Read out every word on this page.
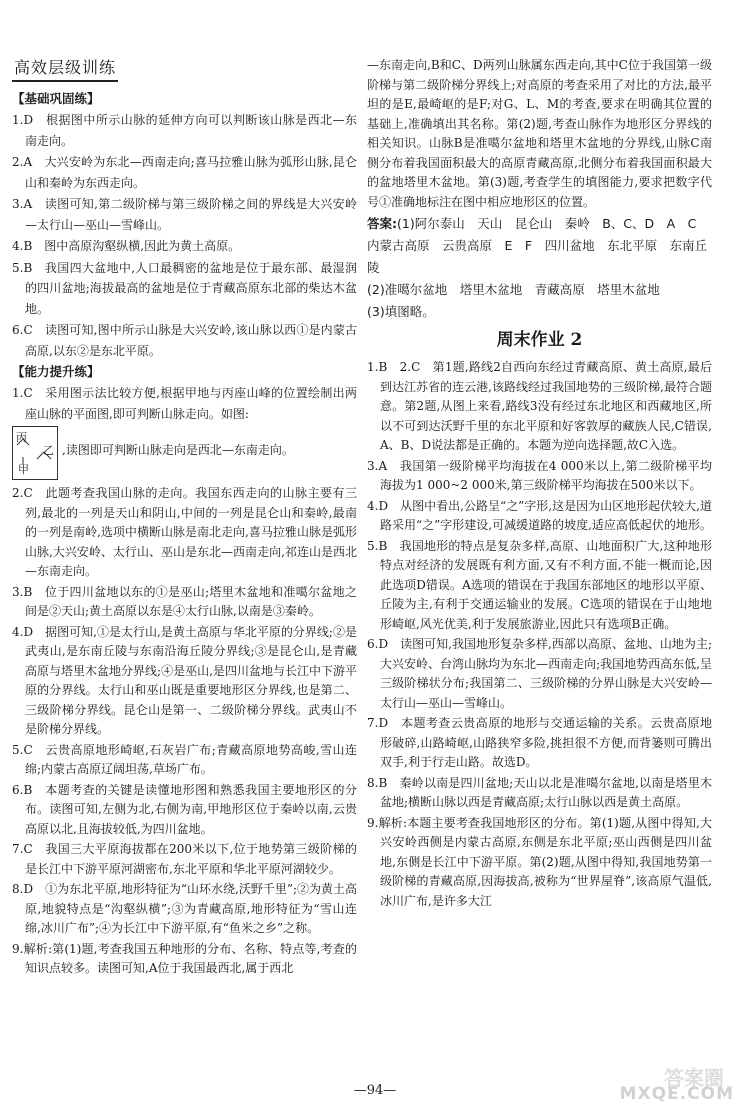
高效层级训练
【基础巩固练】
1.D　根据图中所示山脉的延伸方向可以判断该山脉是西北—东南走向。
2.A　大兴安岭为东北—西南走向;喜马拉雅山脉为弧形山脉,昆仑山和秦岭为东西走向。
3.A　读图可知,第二级阶梯与第三级阶梯之间的界线是大兴安岭—太行山—巫山—雪峰山。
4.B　图中高原沟壑纵横,因此为黄土高原。
5.B　我国四大盆地中,人口最稠密的盆地是位于最东部、最湿润的四川盆地;海拔最高的盆地是位于青藏高原东北部的柴达木盆地。
6.C　读图可知,图中所示山脉是大兴安岭,该山脉以西①是内蒙古高原,以东②是东北平原。
【能力提升练】
1.C　采用图示法比较方便,根据甲地与丙座山峰的位置绘制出两座山脉的平面图,即可判断山脉走向。如图:
丙
乙
甲
,读图即可判断山脉走向是西北—东南走向。
2.C　此题考查我国山脉的走向。我国东西走向的山脉主要有三列,最北的一列是天山和阴山,中间的一列是昆仑山和秦岭,最南的一列是南岭,选项中横断山脉是南北走向,喜马拉雅山脉是弧形山脉,大兴安岭、太行山、巫山是东北—西南走向,祁连山是西北—东南走向。
3.B　位于四川盆地以东的①是巫山;塔里木盆地和准噶尔盆地之间是②天山;黄土高原以东是④太行山脉,以南是③秦岭。
4.D　据图可知,①是太行山,是黄土高原与华北平原的分界线;②是武夷山,是东南丘陵与东南沿海丘陵分界线;③是昆仑山,是青藏高原与塔里木盆地分界线;④是巫山,是四川盆地与长江中下游平原的分界线。太行山和巫山既是重要地形区分界线,也是第二、三级阶梯分界线。昆仑山是第一、二级阶梯分界线。武夷山不是阶梯分界线。
5.C　云贵高原地形崎岖,石灰岩广布;青藏高原地势高峻,雪山连绵;内蒙古高原辽阔坦荡,草场广布。
6.B　本题考查的关键是读懂地形图和熟悉我国主要地形区的分布。读图可知,左侧为北,右侧为南,甲地形区位于秦岭以南,云贵高原以北,且海拔较低,为四川盆地。
7.C　我国三大平原海拔都在200米以下,位于地势第三级阶梯的是长江中下游平原河湖密布,东北平原和华北平原河湖较少。
8.D　①为东北平原,地形特征为“山环水绕,沃野千里”;②为黄土高原,地貌特点是“沟壑纵横”;③为青藏高原,地形特征为“雪山连绵,冰川广布”;④为长江中下游平原,有“鱼米之乡”之称。
9.解析:第(1)题,考查我国五种地形的分布、名称、特点等,考查的知识点较多。读图可知,A位于我国最西北,属于西北
—东南走向,B和C、D两列山脉属东西走向,其中C位于我国第一级阶梯与第二级阶梯分界线上;对高原的考查采用了对比的方法,最平坦的是E,最崎岖的是F;对G、L、M的考查,要求在明确其位置的基础上,准确填出其名称。第(2)题,考查山脉作为地形区分界线的相关知识。山脉B是准噶尔盆地和塔里木盆地的分界线,山脉C南侧分布着我国面积最大的高原青藏高原,北侧分布着我国面积最大的盆地塔里木盆地。第(3)题,考查学生的填图能力,要求把数字代号①准确地标注在图中相应地形区的位置。
答案:(1)阿尔泰山　天山　昆仑山　秦岭　B、C、D　A　C　内蒙古高原　云贵高原　E　F　四川盆地　东北平原　东南丘陵
(2)准噶尔盆地　塔里木盆地　青藏高原　塔里木盆地
(3)填图略。
周末作业 2
1.B　2.C　第1题,路线2自西向东经过青藏高原、黄土高原,最后到达江苏省的连云港,该路线经过我国地势的三级阶梯,最符合题意。第2题,从图上来看,路线3没有经过东北地区和西藏地区,所以不可到达沃野千里的东北平原和好客敦厚的藏族人民,C错误,A、B、D说法都是正确的。本题为逆向选择题,故C入选。
3.A　我国第一级阶梯平均海拔在4 000米以上,第二级阶梯平均海拔为1 000~2 000米,第三级阶梯平均海拔在500米以下。
4.D　从图中看出,公路呈“之”字形,这是因为山区地形起伏较大,道路采用“之”字形建设,可减缓道路的坡度,适应高低起伏的地形。
5.B　我国地形的特点是复杂多样,高原、山地面积广大,这种地形特点对经济的发展既有利方面,又有不利方面,不能一概而论,因此选项D错误。A选项的错误在于我国东部地区的地形以平原、丘陵为主,有利于交通运输业的发展。C选项的错误在于山地地形崎岖,风光优美,利于发展旅游业,因此只有选项B正确。
6.D　读图可知,我国地形复杂多样,西部以高原、盆地、山地为主;大兴安岭、台湾山脉均为东北—西南走向;我国地势西高东低,呈三级阶梯状分布;我国第二、三级阶梯的分界山脉是大兴安岭—太行山—巫山—雪峰山。
7.D　本题考查云贵高原的地形与交通运输的关系。云贵高原地形破碎,山路崎岖,山路狭窄多险,挑担很不方便,而背篓则可腾出双手,利于行走山路。故选D。
8.B　秦岭以南是四川盆地;天山以北是准噶尔盆地,以南是塔里木盆地;横断山脉以西是青藏高原;太行山脉以西是黄土高原。
9.解析:本题主要考查我国地形区的分布。第(1)题,从图中得知,大兴安岭西侧是内蒙古高原,东侧是东北平原;巫山西侧是四川盆地,东侧是长江中下游平原。第(2)题,从图中得知,我国地势第一级阶梯的青藏高原,因海拔高,被称为“世界屋脊”,该高原气温低,冰川广布,是许多大江
—94—
答案圈
MXQE.COM
